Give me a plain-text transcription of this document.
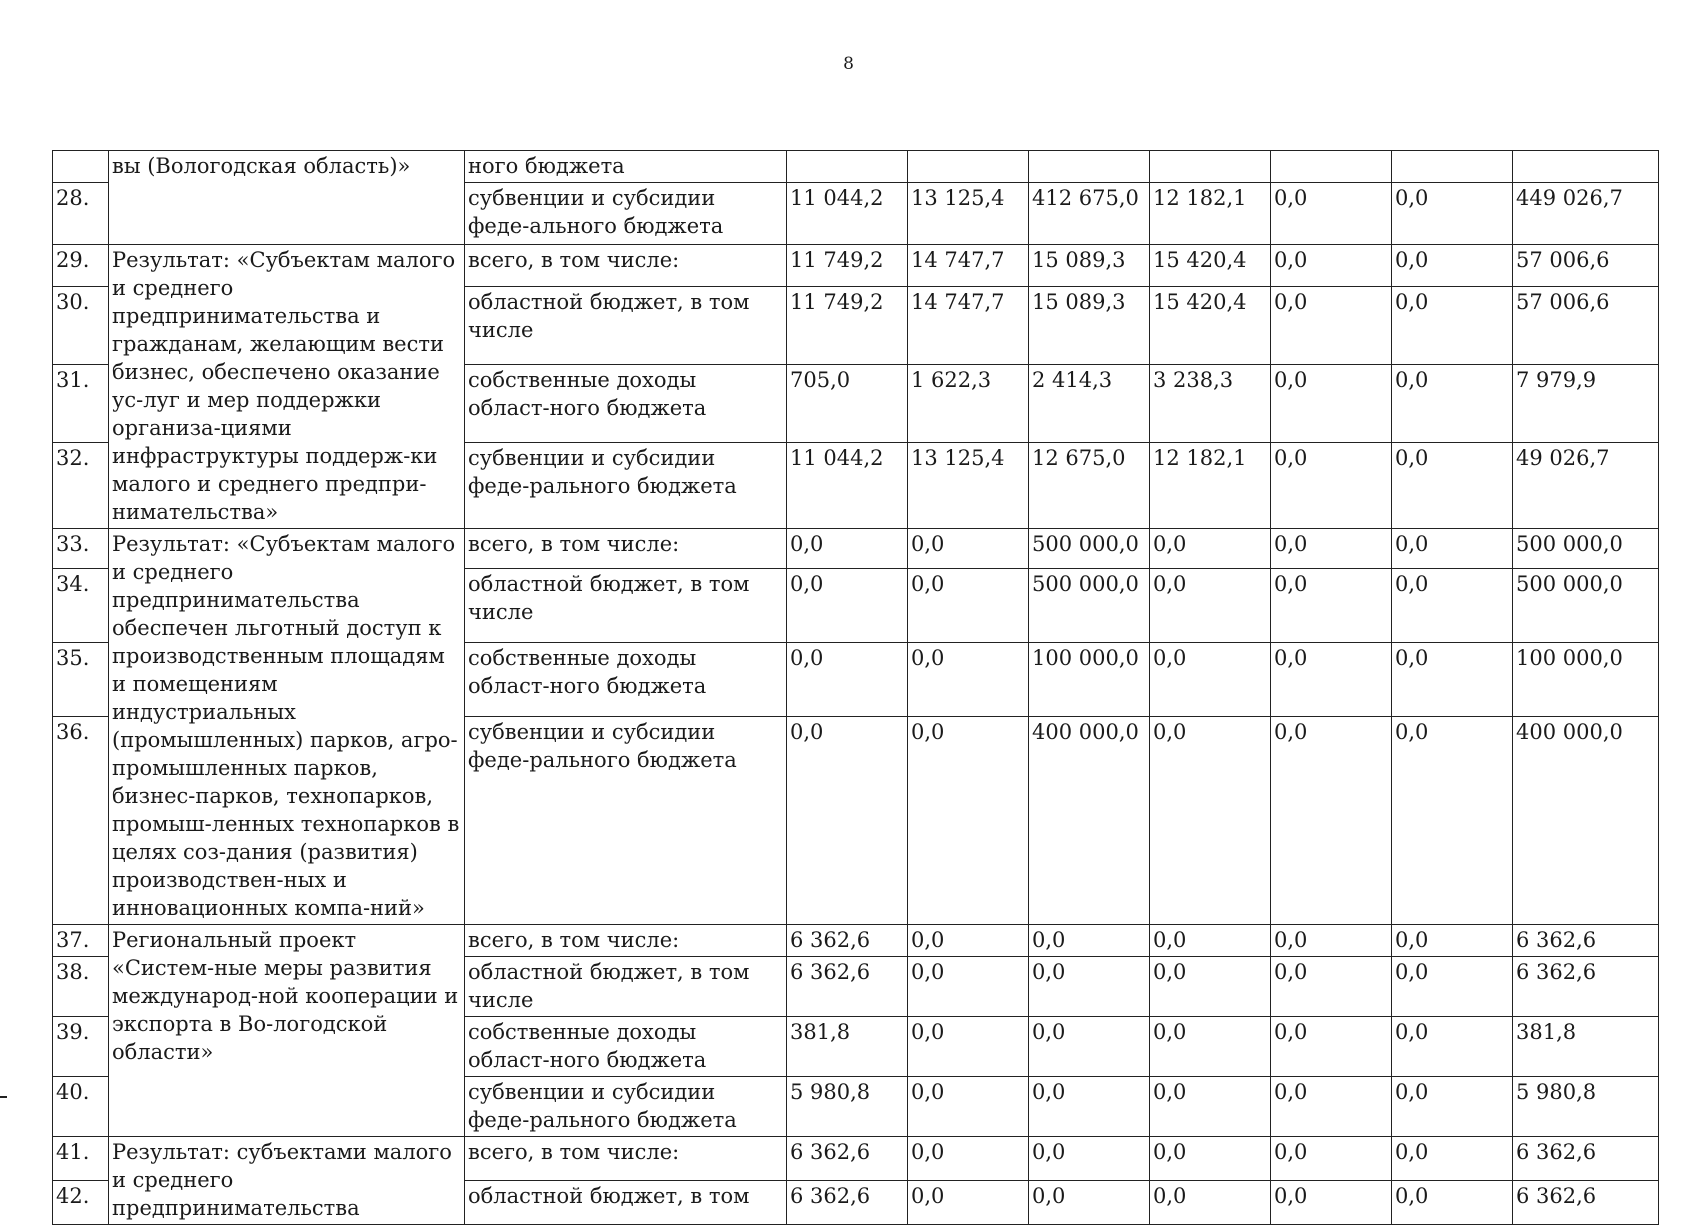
8
	вы (Вологодская область)»	ного бюджета							
28.		субвенции и субсидии феде-ального бюджета	11 044,2	13 125,4	412 675,0	12 182,1	0,0	0,0	449 026,7
29.	Результат: «Субъектам малого и среднего предпринимательства и гражданам, желающим вести бизнес, обеспечено оказание ус-луг и мер поддержки организа-циями инфраструктуры поддерж-ки малого и среднего предпри-нимательства»	всего, в том числе:	11 749,2	14 747,7	15 089,3	15 420,4	0,0	0,0	57 006,6
30.		областной бюджет, в том числе	11 749,2	14 747,7	15 089,3	15 420,4	0,0	0,0	57 006,6
31.		собственные доходы област-ного бюджета	705,0	1 622,3	2 414,3	3 238,3	0,0	0,0	7 979,9
32.		субвенции и субсидии феде-рального бюджета	11 044,2	13 125,4	12 675,0	12 182,1	0,0	0,0	49 026,7
33.	Результат: «Субъектам малого и среднего предпринимательства обеспечен льготный доступ к производственным площадям и помещениям индустриальных (промышленных) парков, агро-промышленных парков, бизнес-парков, технопарков, промыш-ленных технопарков в целях соз-дания (развития) производствен-ных и инновационных компа-ний»	всего, в том числе:	0,0	0,0	500 000,0	0,0	0,0	0,0	500 000,0
34.		областной бюджет, в том числе	0,0	0,0	500 000,0	0,0	0,0	0,0	500 000,0
35.		собственные доходы област-ного бюджета	0,0	0,0	100 000,0	0,0	0,0	0,0	100 000,0
36.		субвенции и субсидии феде-рального бюджета	0,0	0,0	400 000,0	0,0	0,0	0,0	400 000,0
37.	Региональный проект «Систем-ные меры развития международ-ной кооперации и экспорта в Во-логодской области»	всего, в том числе:	6 362,6	0,0	0,0	0,0	0,0	0,0	6 362,6
38.		областной бюджет, в том числе	6 362,6	0,0	0,0	0,0	0,0	0,0	6 362,6
39.		собственные доходы област-ного бюджета	381,8	0,0	0,0	0,0	0,0	0,0	381,8
40.		субвенции и субсидии феде-рального бюджета	5 980,8	0,0	0,0	0,0	0,0	0,0	5 980,8
41.	Результат: субъектами малого и среднего предпринимательства	всего, в том числе:	6 362,6	0,0	0,0	0,0	0,0	0,0	6 362,6
42.		областной бюджет, в том	6 362,6	0,0	0,0	0,0	0,0	0,0	6 362,6
